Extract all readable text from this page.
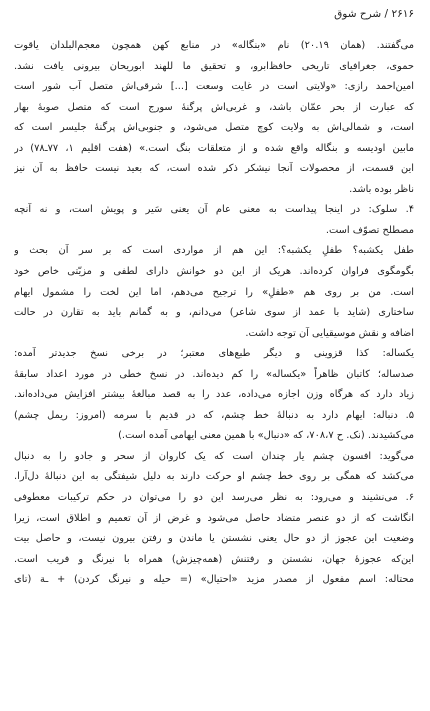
۲۶۱۶ / شرح شوق
می‌گفتند. (همان ۲۰.۱۹) نام «بنگاله» در منابع کهن همچون معجم‌البلدان یاقوت
حموی، جغرافیای تاریخی حافظ‌ابرو، و تحقیق ما للهند ابوریحان بیرونی یافت نشد.
امین‌احمد رازی: «ولایتی است در غایت وسعت [...] شرقی‌اش متصل آب شور است
که عبارت از بحر عمّان باشد، و غربی‌اش پرگنهٔ سورج است که متصل صوبهٔ بهار
است، و شمالی‌اش به ولایت کوچ متصل می‌شود، و جنوبی‌اش پرگنهٔ جلیسر است که
مابین اودیسه و بنگاله واقع شده و از متعلقات بنگ است.» (هفت اقلیم ۱، ۷۷ـ۷۸) در
این قسمت، از محصولات آنجا نیشکر ذکر شده است، که بعید نیست حافظ به آن نیز
ناظر بوده باشد.
۴. سلوک: در اینجا پیداست به معنی عام آن یعنی سَیر و پویش است، و نه آنچه
مصطلح تصوّف است.
طفل یکشبه؟ طفلِ یکشبه؟: این هم از مواردی است که بر سر آن بحث و
بگومگوی فراوان کرده‌اند. هریک از این دو خوانش دارای لطفی و مزیّتی خاص خود
است. من بر روی هم «طفلِ» را ترجیح می‌دهم، اما این لخت را مشمول ایهام
ساختاری (شاید با عمد از سوی شاعر) می‌دانم، و به گمانم باید به تقارن در حالت
اضافه و نقش موسیقیایی آن توجه داشت.
یکساله: کذا قزوینی و دیگر طبع‌های معتبر؛ در برخی نسخ جدیدتر آمده:
صدساله؛ کاتبان ظاهراً «یکساله» را کم دیده‌اند. در نسخ خطی در مورد اعداد سابقهٔ
زیاد دارد که هرگاه وزن اجازه می‌داده، عدد را به قصد مبالغهٔ بیشتر افزایش می‌داده‌اند.
۵. دنباله: ایهام دارد به دنبالهٔ خط چشم، که در قدیم با سرمه (امروز: ریمل چشم)
می‌کشیدند. (نک. ح ۷۰۸،۷، که «دنبال» با همین معنی ایهامی آمده است.)
می‌گوید: افسون چشم یار چندان است که یک کاروان از سحر و جادو را به دنبال
می‌کشد که همگی بر روی خط چشم او حرکت دارند به دلیل شیفتگی به این دنبالهٔ دل‌آرا.
۶. می‌نشیند و می‌رود: به نظر می‌رسد این دو را می‌توان در حکم ترکیبات معطوفی
انگاشت که از دو عنصر متضاد حاصل می‌شود و غرض از آن تعمیم و اطلاق است، زیرا
وضعیت این عجوز از دو حال یعنی نشستن یا ماندن و رفتن بیرون نیست، و حاصل بیت
این‌که عجوزهٔ جهان، نشستن و رفتنش (همه‌چیزش) همراه با نیرنگ و فریب است.
محتاله: اسم مفعول از مصدر مزید «احتیال» (= حیله و نیرنگ کردن) + ـة (تای
